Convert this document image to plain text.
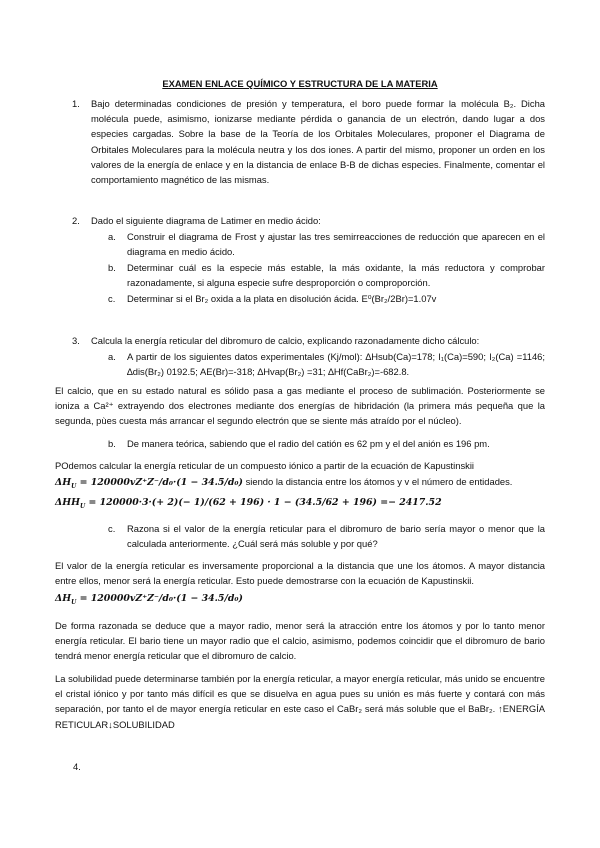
EXAMEN ENLACE QUÍMICO Y ESTRUCTURA DE LA MATERIA
1. Bajo determinadas condiciones de presión y temperatura, el boro puede formar la molécula B₂. Dicha molécula puede, asimismo, ionizarse mediante pérdida o ganancia de un electrón, dando lugar a dos especies cargadas. Sobre la base de la Teoría de los Orbitales Moleculares, proponer el Diagrama de Orbitales Moleculares para la molécula neutra y los dos iones. A partir del mismo, proponer un orden en los valores de la energía de enlace y en la distancia de enlace B-B de dichas especies. Finalmente, comentar el comportamiento magnético de las mismas.
2. Dado el siguiente diagrama de Latimer en medio ácido:
a. Construir el diagrama de Frost y ajustar las tres semirreacciones de reducción que aparecen en el diagrama en medio ácido.
b. Determinar cuál es la especie más estable, la más oxidante, la más reductora y comprobar razonadamente, si alguna especie sufre desproporción o comproporción.
c. Determinar si el Br₂ oxida a la plata en disolución ácida. E⁰(Br₂/2Br)=1.07v
3. Calcula la energía reticular del dibromuro de calcio, explicando razonadamente dicho cálculo:
a. A partir de los siguientes datos experimentales (Kj/mol): ∆Hsub(Ca)=178; I₁(Ca)=590; I₂(Ca) =1146; ∆dis(Br₂) 0192.5; AE(Br)=-318; ∆Hvap(Br₂) =31; ∆Hf(CaBr₂)=-682.8.
El calcio, que en su estado natural es sólido pasa a gas mediante el proceso de sublimación. Posteriormente se ioniza a Ca²⁺ extrayendo dos electrones mediante dos energías de hibridación (la primera más pequeña que la segunda, pùes cuesta más arrancar el segundo electrón que se siente más atraído por el núcleo).
b. De manera teórica, sabiendo que el radio del catión es 62 pm y el del anión es 196 pm.
POdemos calcular la energía reticular de un compuesto iónico a partir de la ecuación de Kapustinskii
$\Delta H_U = 120000vZ^+Z^-/d_0\cdot(1 - 34.5/d_0)$ siendo la distancia entre los átomos y v el número de entidades.
$\Delta HH_U = 120000\cdot 3\cdot(+ 2)(- 1)/(62 + 196) \cdot 1 - (34.5/62 + 196) =- 2417.52$
c. Razona si el valor de la energía reticular para el dibromuro de bario sería mayor o menor que la calculada anteriormente. ¿Cuál será más soluble y por qué?
El valor de la energía reticular es inversamente proporcional a la distancia que une los átomos. A mayor distancia entre ellos, menor será la energía reticular. Esto puede demostrarse con la ecuación de Kapustinskii.
$\Delta H_U = 120000vZ^+Z^-/d_0\cdot(1 - 34.5/d_0)$
De forma razonada se deduce que a mayor radio, menor será la atracción entre los átomos y por lo tanto menor energía reticular. El bario tiene un mayor radio que el calcio, asimismo, podemos coincidir que el dibromuro de bario tendrá menor energía reticular que el dibromuro de calcio.
La solubilidad puede determinarse también por la energía reticular, a mayor energía reticular, más unido se encuentre el cristal iónico y por tanto más difícil es que se disuelva en agua pues su unión es más fuerte y contará con más separación, por tanto el de mayor energía reticular en este caso el CaBr₂ será más soluble que el BaBr₂. ↑ENERGÍA RETICULAR↓SOLUBILIDAD
4.
